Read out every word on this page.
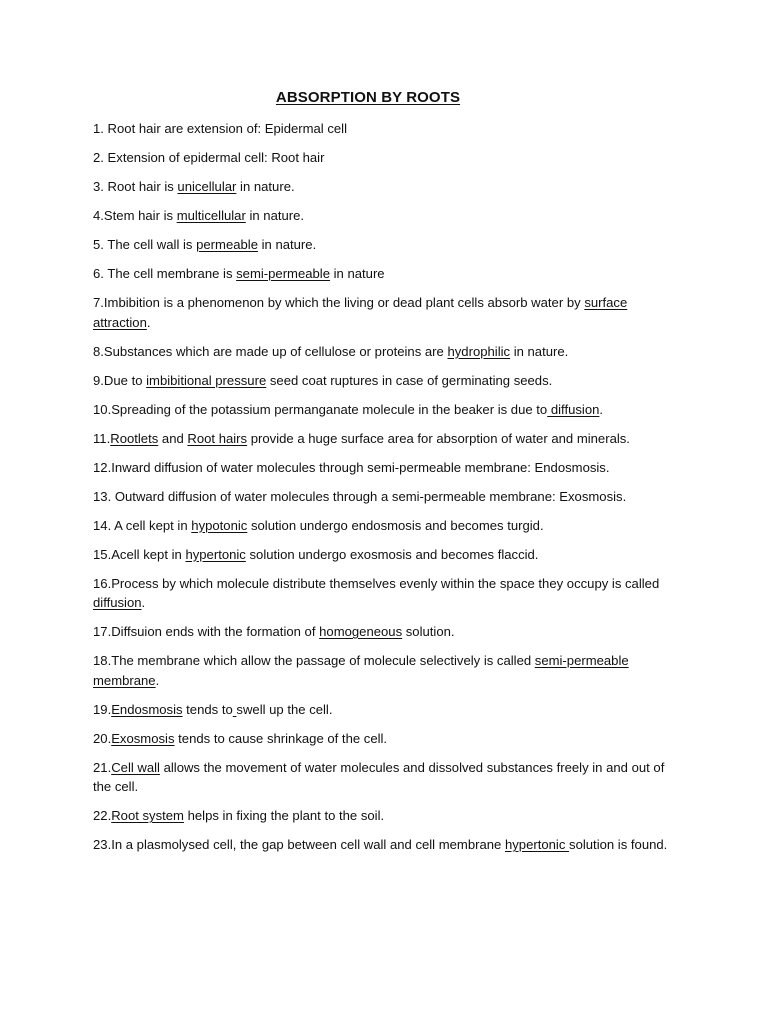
ABSORPTION BY ROOTS

1. Root hair are extension of: Epidermal cell

2. Extension of epidermal cell: Root hair

3. Root hair is unicellular in nature.

4.Stem hair is multicellular in nature.

5. The cell wall is permeable in nature.

6. The cell membrane is semi-permeable in nature

7.Imbibition is a phenomenon by which the living or dead plant cells absorb water by surface attraction.

8.Substances which are made up of cellulose or proteins are hydrophilic in nature.

9.Due to imbibitional pressure seed coat ruptures in case of germinating seeds.

10.Spreading of the potassium permanganate molecule in the beaker is due to diffusion.

11.Rootlets and Root hairs provide a huge surface area for absorption of water and minerals.

12.Inward diffusion of water molecules through semi-permeable membrane: Endosmosis.

13. Outward diffusion of water molecules through a semi-permeable membrane: Exosmosis.

14. A cell kept in hypotonic solution undergo endosmosis and becomes turgid.

15.Acell kept in hypertonic solution undergo exosmosis and becomes flaccid.

16.Process by which molecule distribute themselves evenly within the space they occupy is called diffusion.

17.Diffsuion ends with the formation of homogeneous solution.

18.The membrane which allow the passage of molecule selectively is called semi-permeable membrane.

19.Endosmosis tends to swell up the cell.

20.Exosmosis tends to cause shrinkage of the cell.

21.Cell wall allows the movement of water molecules and dissolved substances freely in and out of the cell.

22.Root system helps in fixing the plant to the soil.

23.In a plasmolysed cell, the gap between cell wall and cell membrane hypertonic solution is found.
